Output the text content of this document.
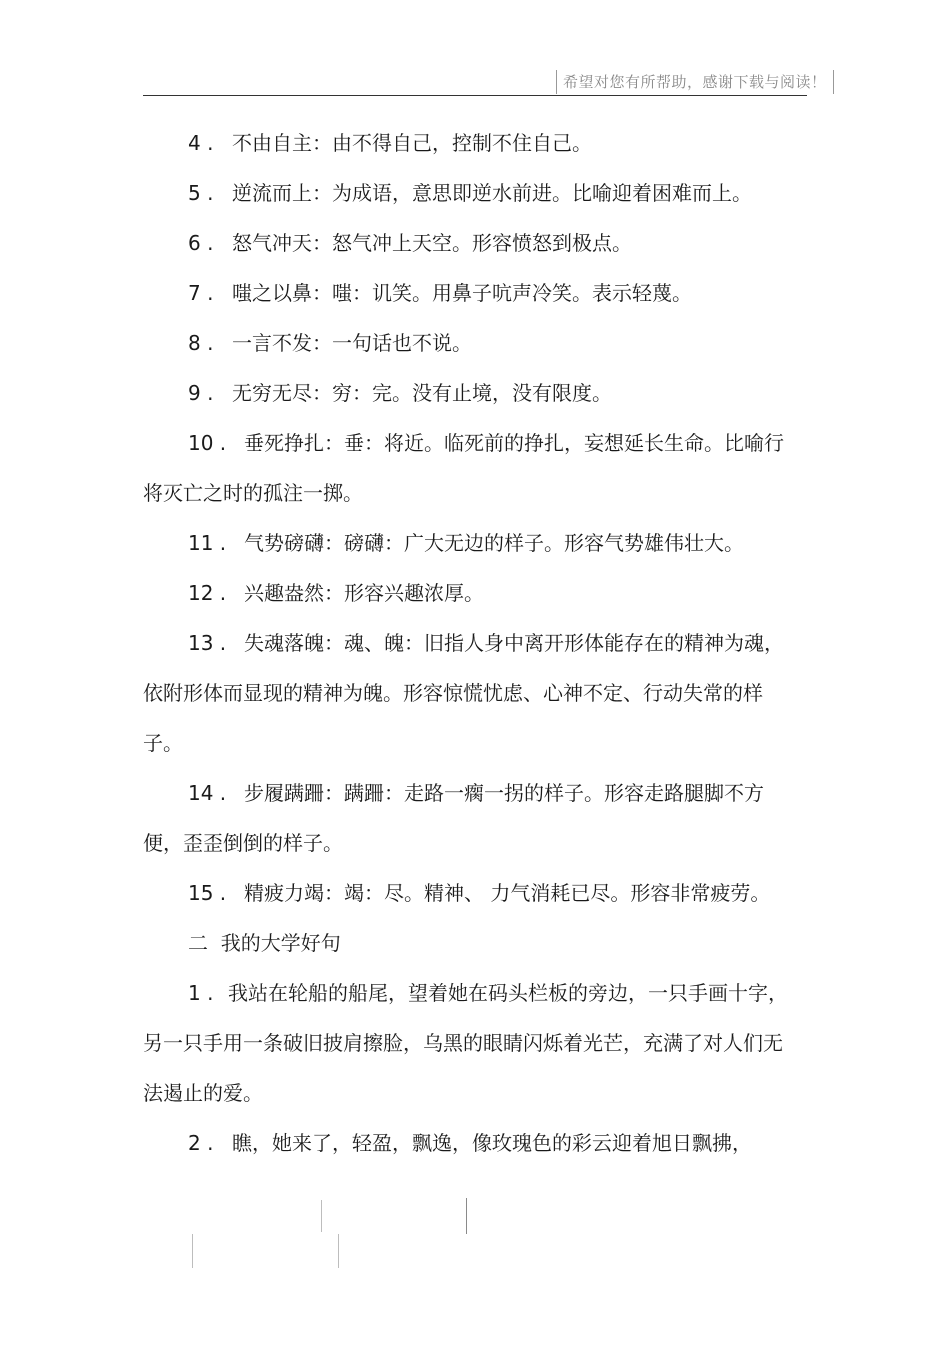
希望对您有所帮助，感谢下载与阅读！

4 . 不由自主：由不得自己，控制不住自己。

5 . 逆流而上：为成语，意思即逆水前进。比喻迎着困难而上。

6 . 怒气冲天：怒气冲上天空。形容愤怒到极点。

7 . 嗤之以鼻：嗤：讥笑。用鼻子吭声冷笑。表示轻蔑。

8 . 一言不发：一句话也不说。

9 . 无穷无尽：穷：完。没有止境，没有限度。

10 . 垂死挣扎：垂：将近。临死前的挣扎，妄想延长生命。比喻行将灭亡之时的孤注一掷。

11 . 气势磅礴：磅礴：广大无边的样子。形容气势雄伟壮大。

12 . 兴趣盎然：形容兴趣浓厚。

13 . 失魂落魄：魂、魄：旧指人身中离开形体能存在的精神为魂，依附形体而显现的精神为魄。形容惊慌忧虑、心神不定、行动失常的样子。

14 . 步履蹒跚：蹒跚：走路一瘸一拐的样子。形容走路腿脚不方便，歪歪倒倒的样子。

15 . 精疲力竭：竭：尽。精神、 力气消耗已尽。形容非常疲劳。

二  我的大学好句

1 . 我站在轮船的船尾，望着她在码头栏板的旁边，一只手画十字，另一只手用一条破旧披肩擦脸，乌黑的眼睛闪烁着光芒，充满了对人们无法遏止的爱。

2 . 瞧，她来了，轻盈，飘逸，像玫瑰色的彩云迎着旭日飘拂，
